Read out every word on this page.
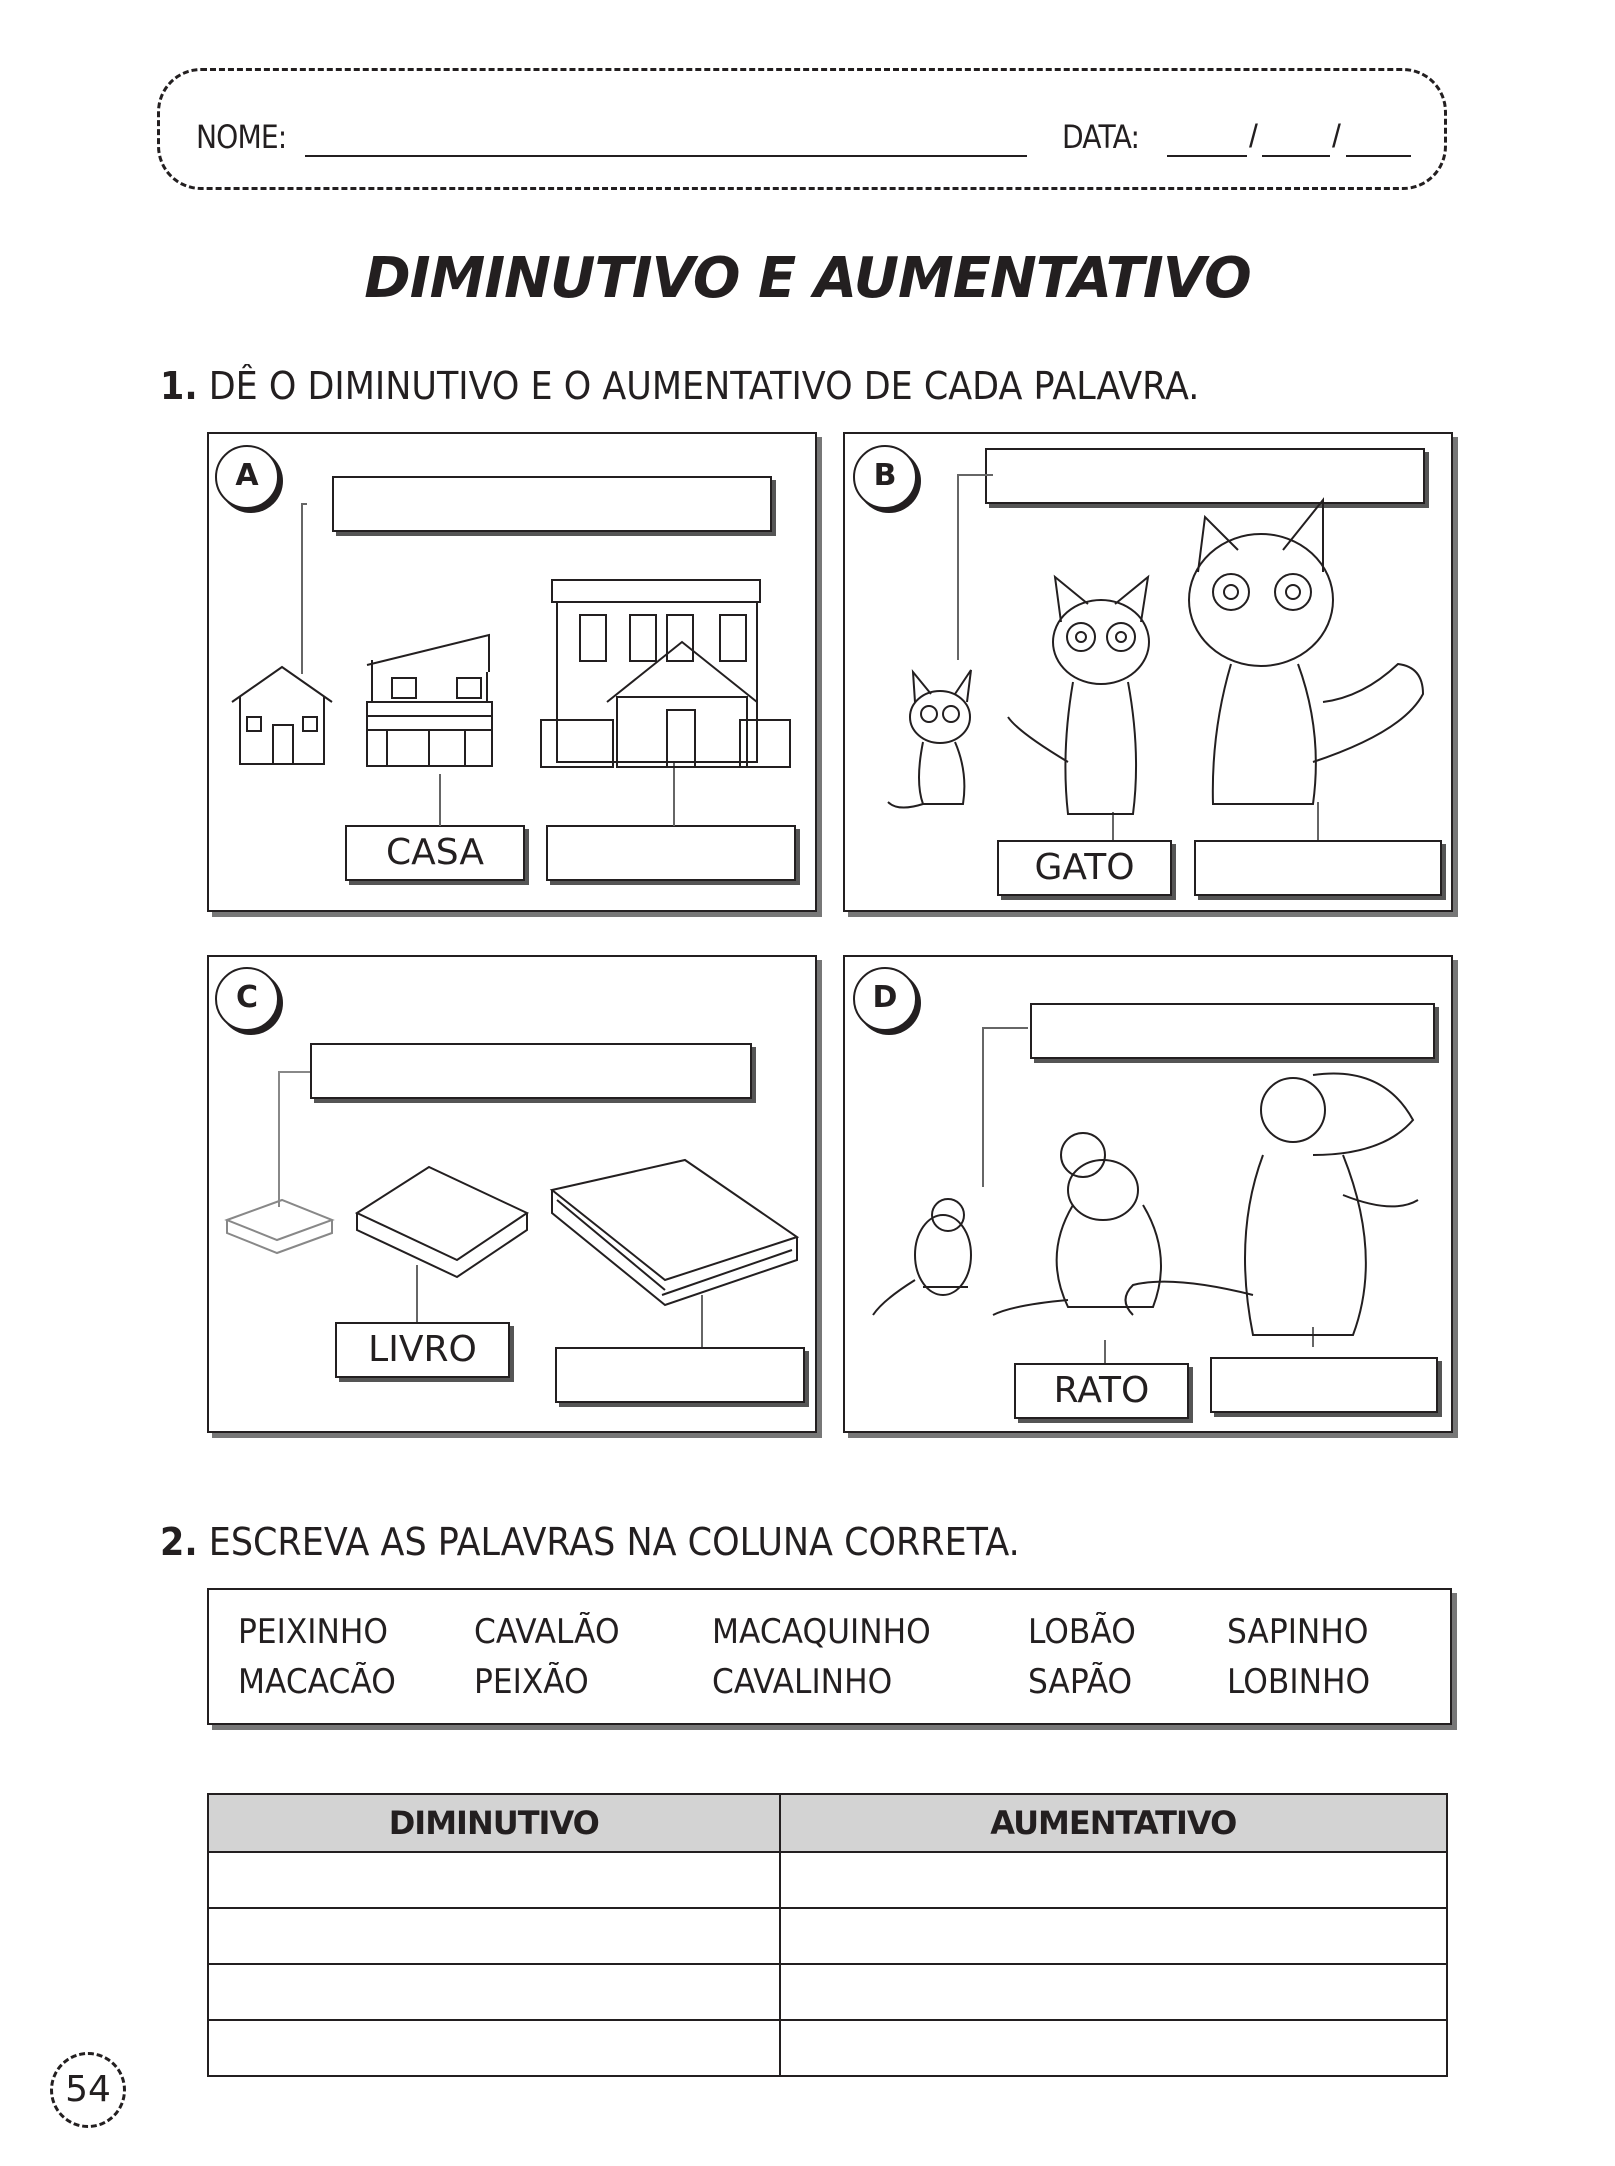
NOME:	DATA:	/ /
DIMINUTIVO E AUMENTATIVO
1. DÊ O DIMINUTIVO E O AUMENTATIVO DE CADA PALAVRA.
A
CASA
B
GATO
C
LIVRO
D
RATO
2. ESCREVA AS PALAVRAS NA COLUNA CORRETA.
PEIXINHO	CAVALÃO	MACAQUINHO	LOBÃO	SAPINHO
MACACÃO PEIXÃO	CAVALINHO	SAPÃO	LOBINHO
DIMINUTIVO	AUMENTATIVO

54
